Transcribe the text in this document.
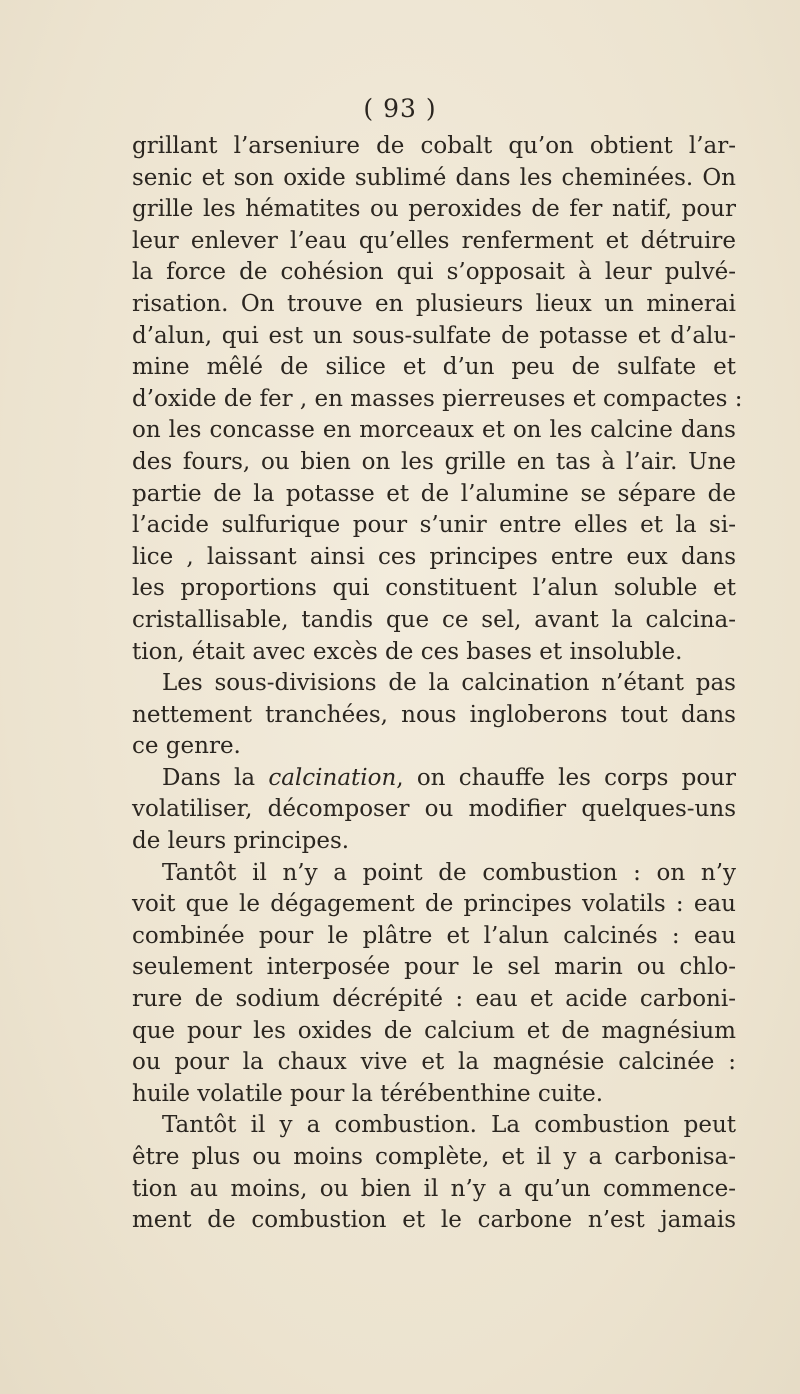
( 93 )
grillant l’arseniure de cobalt qu’on obtient l’ar-
senic et son oxide sublimé dans les cheminées. On
grille les hématites ou peroxides de fer natif, pour
leur enlever l’eau qu’elles renferment et détruire
la force de cohésion qui s’opposait à leur pulvé-
risation. On trouve en plusieurs lieux un minerai
d’alun, qui est un sous-sulfate de potasse et d’alu-
mine mêlé de silice et d’un peu de sulfate et
d’oxide de fer , en masses pierreuses et compactes :
on les concasse en morceaux et on les calcine dans
des fours, ou bien on les grille en tas à l’air. Une
partie de la potasse et de l’alumine se sépare de
l’acide sulfurique pour s’unir entre elles et la si-
lice , laissant ainsi ces principes entre eux dans
les proportions qui constituent l’alun soluble et
cristallisable, tandis que ce sel, avant la calcina-
tion, était avec excès de ces bases et insoluble.
Les sous-divisions de la calcination n’étant pas
nettement tranchées, nous ingloberons tout dans
ce genre.
Dans la calcination, on chauffe les corps pour
volatiliser, décomposer ou modifier quelques-uns
de leurs principes.
Tantôt il n’y a point de combustion : on n’y
voit que le dégagement de principes volatils : eau
combinée pour le plâtre et l’alun calcinés : eau
seulement interposée pour le sel marin ou chlo-
rure de sodium décrépité : eau et acide carboni-
que pour les oxides de calcium et de magnésium
ou pour la chaux vive et la magnésie calcinée :
huile volatile pour la térébenthine cuite.
Tantôt il y a combustion. La combustion peut
être plus ou moins complète, et il y a carbonisa-
tion au moins, ou bien il n’y a qu’un commence-
ment de combustion et le carbone n’est jamais
